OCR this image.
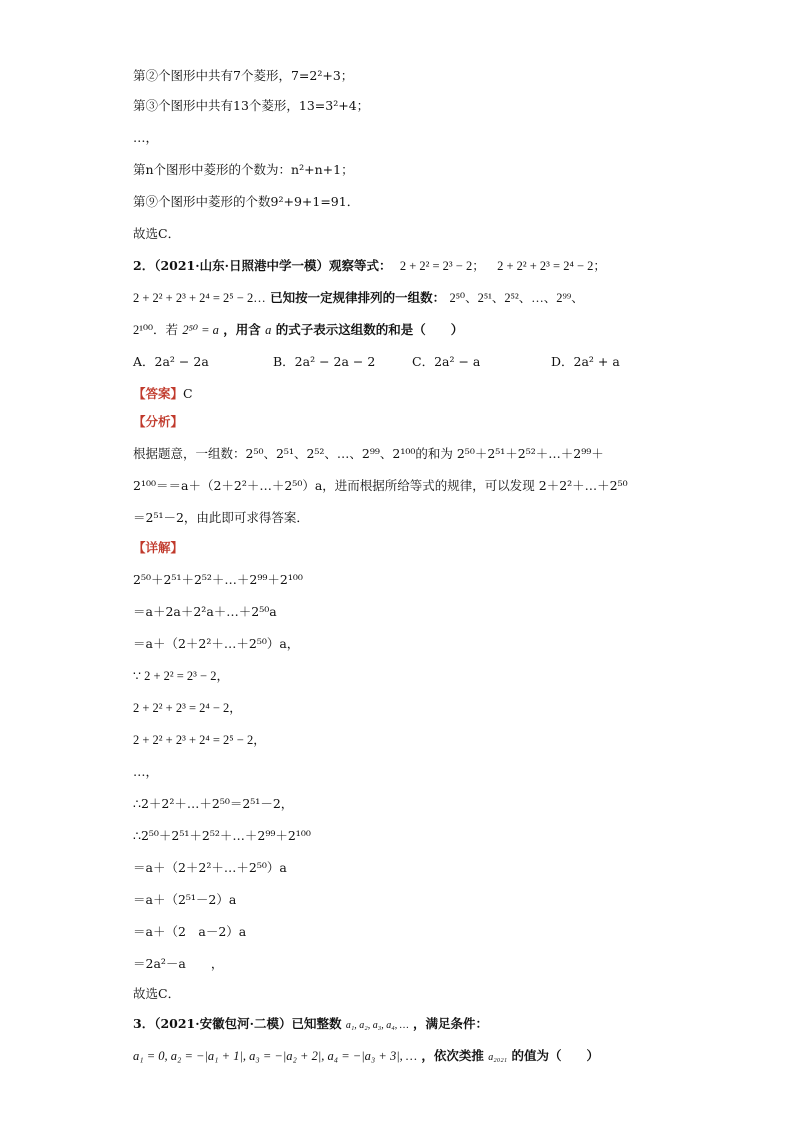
第②个图形中共有7个菱形，7=2²+3；
第③个图形中共有13个菱形，13=3²+4；
…，
第n个图形中菱形的个数为：n²+n+1；
第⑨个图形中菱形的个数9²+9+1=91．
故选C．
2．（2021·山东·日照港中学一模）观察等式： 2 + 2² = 2³ − 2； 2 + 2² + 2³ = 2⁴ − 2；
2 + 2² + 2³ + 2⁴ = 2⁵ − 2… 已知按一定规律排列的一组数： 2⁵⁰、2⁵¹、2⁵²、…、2⁹⁹、
2¹⁰⁰．若 2⁵⁰ = a ，用含 a 的式子表示这组数的和是（　　）
A．2a² − 2a	B．2a² − 2a − 2	C．2a² − a	D．2a² + a
【答案】C
【分析】
根据题意，一组数：2⁵⁰、2⁵¹、2⁵²、…、2⁹⁹、2¹⁰⁰的和为 2⁵⁰＋2⁵¹＋2⁵²＋…＋2⁹⁹＋
2¹⁰⁰＝＝a＋（2＋2²＋…＋2⁵⁰）a，进而根据所给等式的规律，可以发现 2＋2²＋…＋2⁵⁰
＝2⁵¹－2，由此即可求得答案．
【详解】
2⁵⁰＋2⁵¹＋2⁵²＋…＋2⁹⁹＋2¹⁰⁰
＝a＋2a＋2²a＋…＋2⁵⁰a
＝a＋（2＋2²＋…＋2⁵⁰）a，
∵ 2 + 2² = 2³ − 2，
2 + 2² + 2³ = 2⁴ − 2，
2 + 2² + 2³ + 2⁴ = 2⁵ − 2，
…，
∴2＋2²＋…＋2⁵⁰＝2⁵¹－2，
∴2⁵⁰＋2⁵¹＋2⁵²＋…＋2⁹⁹＋2¹⁰⁰
＝a＋（2＋2²＋…＋2⁵⁰）a
＝a＋（2⁵¹－2）a
＝a＋（2　a－2）a
＝2a²－a　　，
故选C．
3．（2021·安徽包河·二模）已知整数 a₁, a₂, a₃, a₄, … ，满足条件：
a₁ = 0, a₂ = −|a₁ + 1|, a₃ = −|a₂ + 2|, a₄ = −|a₃ + 3|, … ，依次类推 a₂₀₂₁ 的值为（　　）
